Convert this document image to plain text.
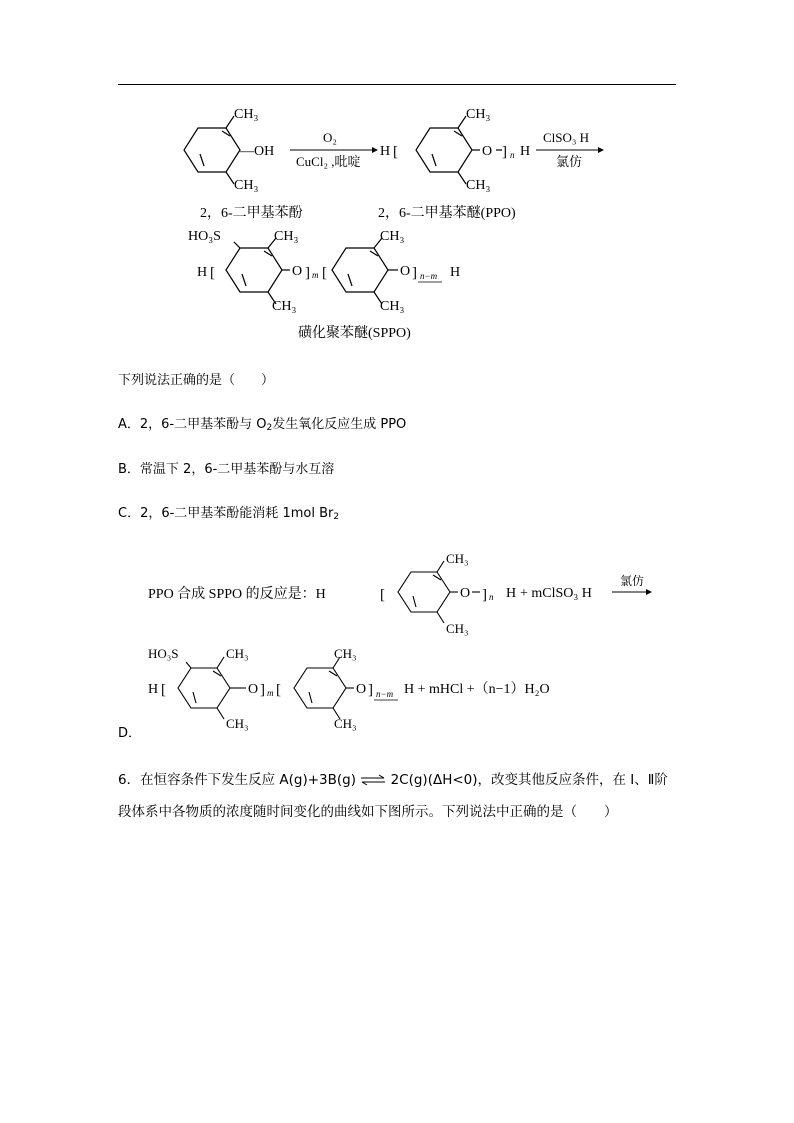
CH₃
CH₃
—OH
O₂
CuCl₂ ,吡啶
H [
CH₃
CH₃
O ] n H
ClSO₃ H
氯仿
2，6-二甲基苯酚	2，6-二甲基苯醚(PPO)
H [
HO₃S	CH₃
CH₃
O ] m [
CH₃
CH₃
O ] n−m H
磺化聚苯醚(SPPO)
下列说法正确的是（　　）
A．2，6-二甲基苯酚与 $O_2$发生氧化反应生成 PPO
B．常温下 2，6-二甲基苯酚与水互溶
C．2，6-二甲基苯酚能消耗 1mol $Br_2$
PPO 合成 SPPO 的反应是：H	[
CH₃
CH₃
O ] n H + mClSO₃ H
氯仿
HO₃S
H [
CH₃
CH₃
O ] m [
CH₃
CH₃
O ] n−m H + mHCl +（n−1）H₂O
D．
6．在恒容条件下发生反应 A(g)+3B(g) ⇌ 2C(g)(ΔH<0)，改变其他反应条件，在 Ⅰ、Ⅱ阶
段体系中各物质的浓度随时间变化的曲线如下图所示。下列说法中正确的是（　　）
